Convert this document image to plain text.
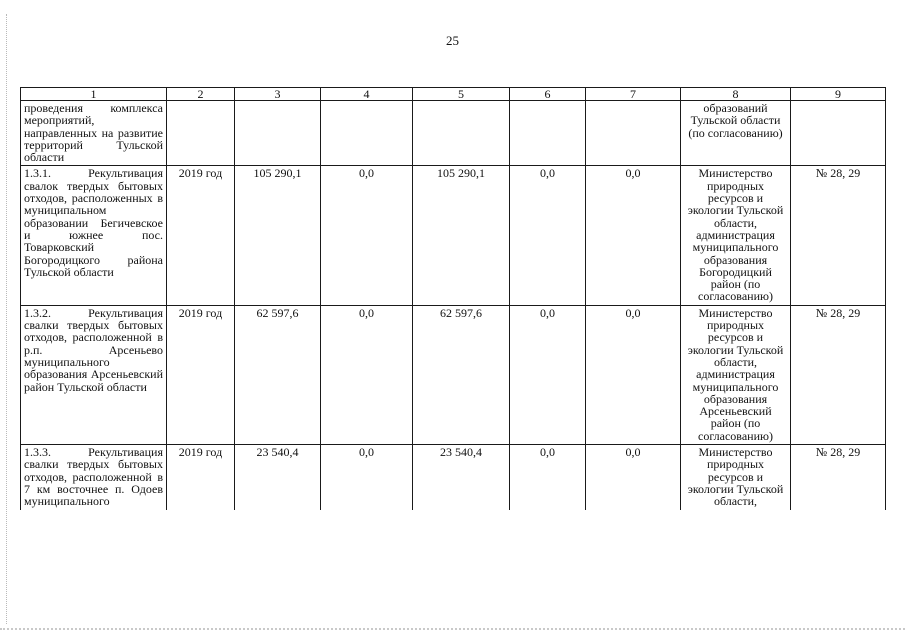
25
1	2	3	4	5	6	7	8	9
проведения комплекса мероприятий, направленных на развитие территорий Тульской области							образований Тульской области (по согласованию)	
1.3.1. Рекультивация свалок твердых бытовых отходов, расположенных в муниципальном образовании Бегичевское и южнее пос. Товарковский Богородицкого района Тульской области	2019 год	105 290,1	0,0	105 290,1	0,0	0,0	Министерство природных ресурсов и экологии Тульской области, администрация муниципального образования Богородицкий район (по согласованию)	№ 28, 29
1.3.2. Рекультивация свалки твердых бытовых отходов, расположенной в р.п. Арсеньево муниципального образования Арсеньевский район Тульской области	2019 год	62 597,6	0,0	62 597,6	0,0	0,0	Министерство природных ресурсов и экологии Тульской области, администрация муниципального образования Арсеньевский район (по согласованию)	№ 28, 29
1.3.3. Рекультивация свалки твердых бытовых отходов, расположенной в 7 км восточнее п. Одоев муниципального	2019 год	23 540,4	0,0	23 540,4	0,0	0,0	Министерство природных ресурсов и экологии Тульской области,	№ 28, 29
